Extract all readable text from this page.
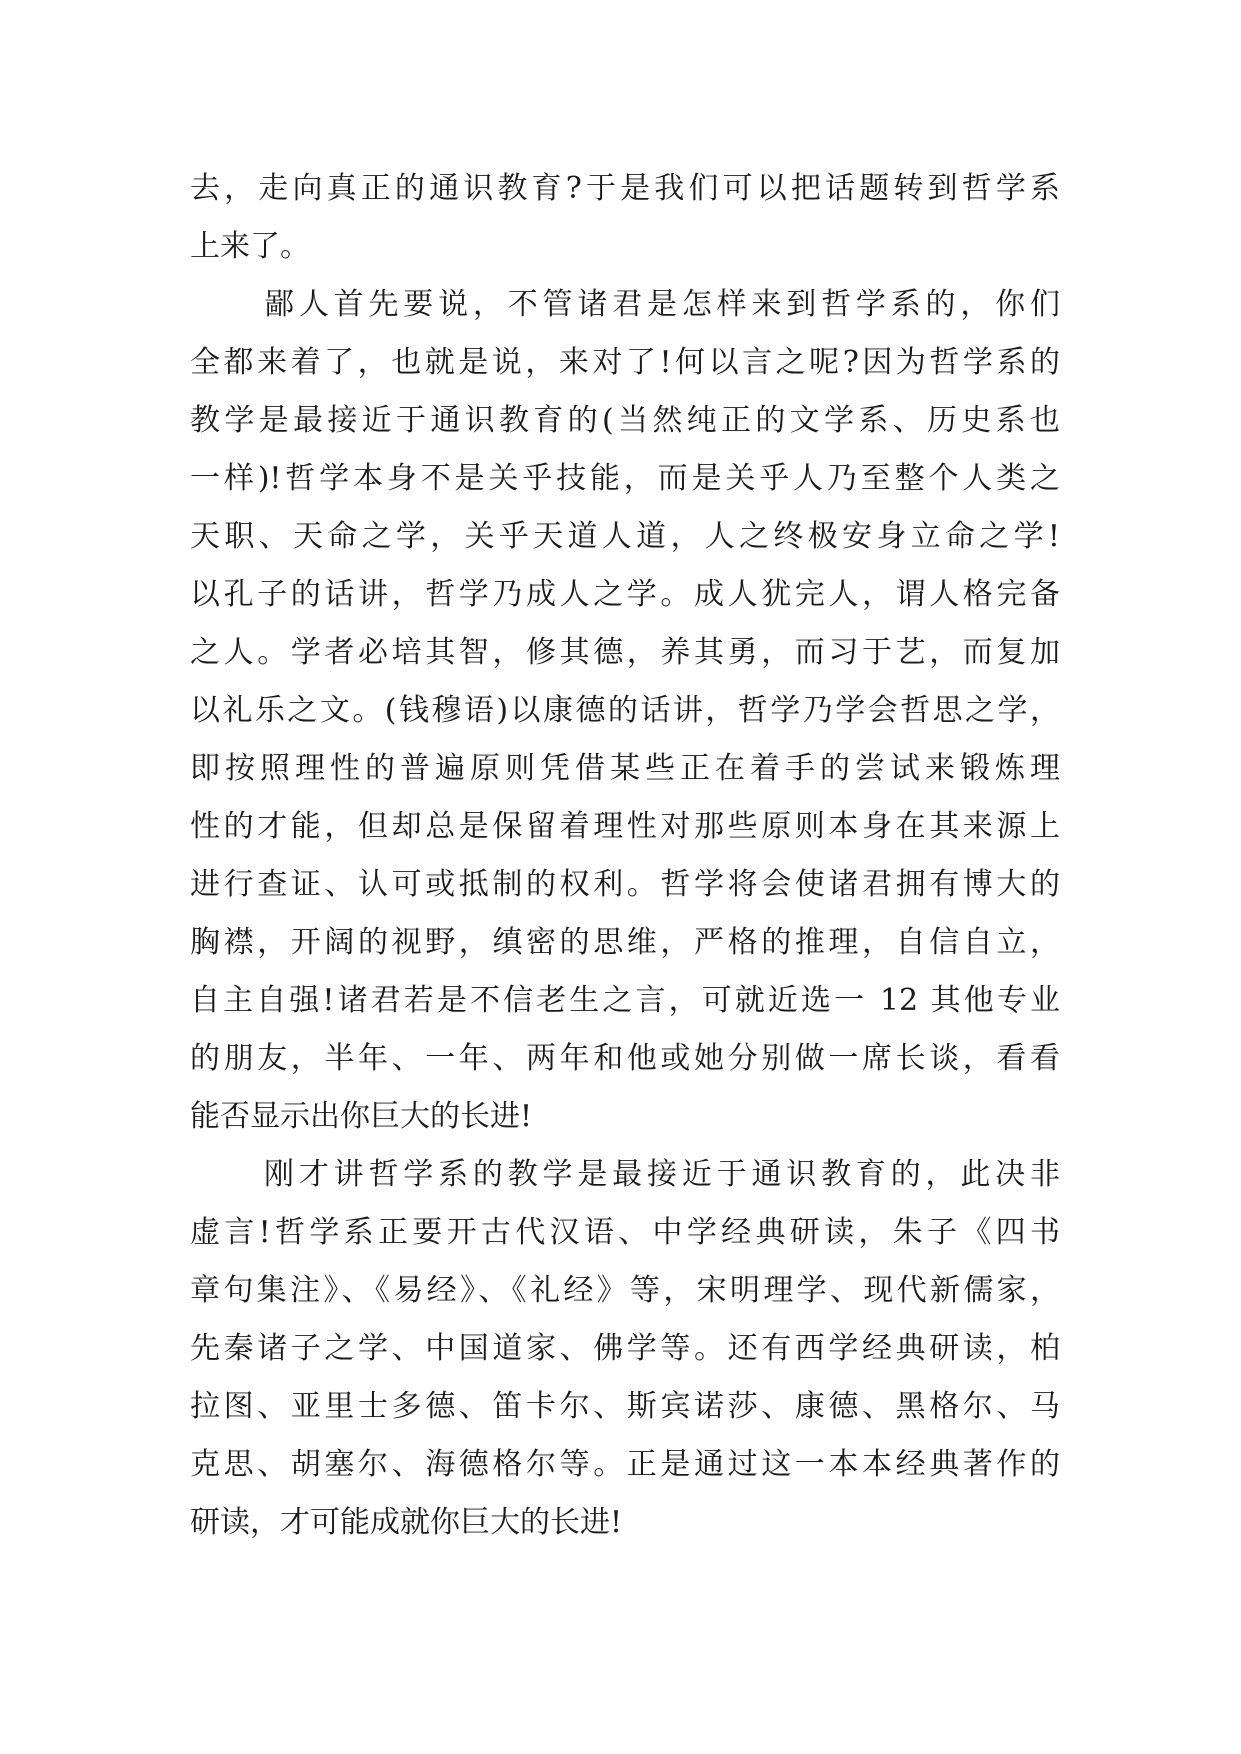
去，走向真正的通识教育?于是我们可以把话题转到哲学系
上来了。
鄙人首先要说，不管诸君是怎样来到哲学系的，你们
全都来着了，也就是说，来对了!何以言之呢?因为哲学系的
教学是最接近于通识教育的(当然纯正的文学系、历史系也
一样)!哲学本身不是关乎技能，而是关乎人乃至整个人类之
天职、天命之学，关乎天道人道，人之终极安身立命之学!
以孔子的话讲，哲学乃成人之学。成人犹完人，谓人格完备
之人。学者必培其智，修其德，养其勇，而习于艺，而复加
以礼乐之文。(钱穆语)以康德的话讲，哲学乃学会哲思之学，
即按照理性的普遍原则凭借某些正在着手的尝试来锻炼理
性的才能，但却总是保留着理性对那些原则本身在其来源上
进行查证、认可或抵制的权利。哲学将会使诸君拥有博大的
胸襟，开阔的视野，缜密的思维，严格的推理，自信自立，
自主自强!诸君若是不信老生之言，可就近选一 12 其他专业
的朋友，半年、一年、两年和他或她分别做一席长谈，看看
能否显示出你巨大的长进!
刚才讲哲学系的教学是最接近于通识教育的，此决非
虚言!哲学系正要开古代汉语、中学经典研读，朱子《四书
章句集注》、《易经》、《礼经》等，宋明理学、现代新儒家，
先秦诸子之学、中国道家、佛学等。还有西学经典研读，柏
拉图、亚里士多德、笛卡尔、斯宾诺莎、康德、黑格尔、马
克思、胡塞尔、海德格尔等。正是通过这一本本经典著作的
研读，才可能成就你巨大的长进!
